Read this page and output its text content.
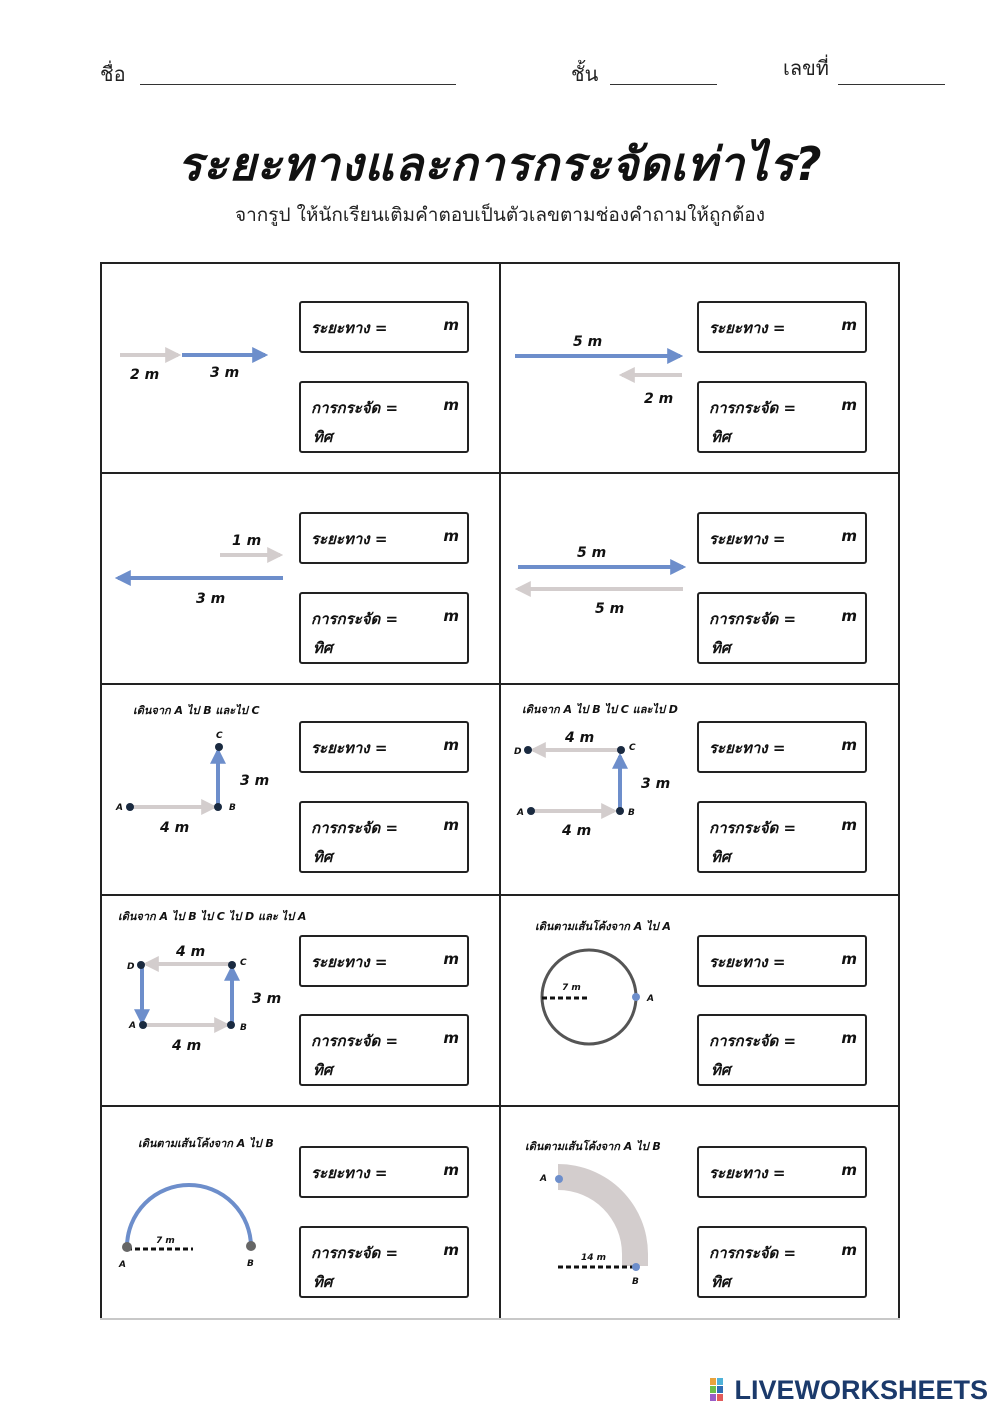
ชื่อ	ชั้น	เลขที่
ระยะทางและการกระจัดเท่าไร?
จากรูป ให้นักเรียนเติมคำตอบเป็นตัวเลขตามช่องคำถามให้ถูกต้อง
ระยะทาง =	m
การกระจัด =	m
ทิศ
ระยะทาง =	m
การกระจัด =	m
ทิศ
ระยะทาง =	m
การกระจัด =	m
ทิศ
ระยะทาง =	m
การกระจัด =	m
ทิศ
ระยะทาง =	m
การกระจัด =	m
ทิศ
ระยะทาง =	m
การกระจัด =	m
ทิศ
ระยะทาง =	m
การกระจัด =	m
ทิศ
ระยะทาง =	m
การกระจัด =	m
ทิศ
ระยะทาง =	m
การกระจัด =	m
ทิศ
ระยะทาง =	m
การกระจัด =	m
ทิศ
2 m	3 m
5 m
2 m
1 m
3 m
5 m
5 m
เดินจาก A ไป B และไป C
A	B
C
3 m
4 m
เดินจาก A ไป B ไป C และไป D
A	B
C
D
4 m
3 m
4 m
เดินจาก A ไป B ไป C ไป D และ ไป A
A	B
C
D
4 m
3 m
4 m
เดินตามเส้นโค้งจาก A ไป A
A
7 m
เดินตามเส้นโค้งจาก A ไป B
A	B
7 m
เดินตามเส้นโค้งจาก A ไป B
A
B
14 m
LIVEWORKSHEETS
